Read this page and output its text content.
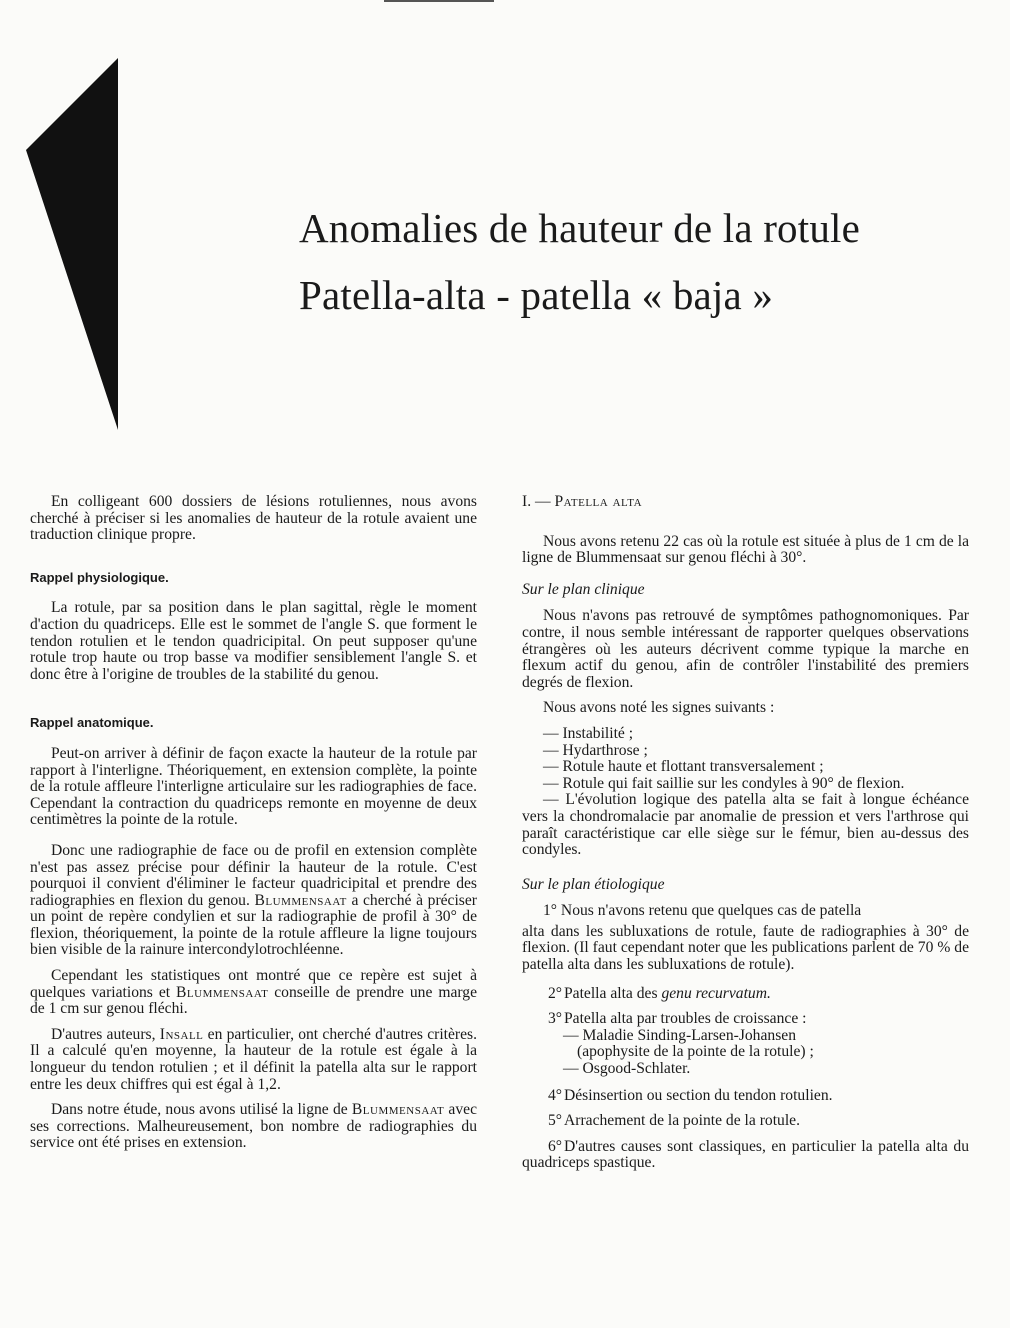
Anomalies de hauteur de la rotule
Patella-alta - patella « baja »

En colligeant 600 dossiers de lésions rotuliennes, nous avons cherché à préciser si les anomalies de hauteur de la rotule avaient une traduction clinique propre.

Rappel physiologique.

La rotule, par sa position dans le plan sagittal, règle le moment d'action du quadriceps. Elle est le sommet de l'angle S. que forment le tendon rotulien et le tendon quadricipital. On peut supposer qu'une rotule trop haute ou trop basse va modifier sensiblement l'angle S. et donc être à l'origine de troubles de la stabilité du genou.

Rappel anatomique.

Peut-on arriver à définir de façon exacte la hauteur de la rotule par rapport à l'interligne. Théoriquement, en extension complète, la pointe de la rotule affleure l'interligne articulaire sur les radiographies de face. Cependant la contraction du quadriceps remonte en moyenne de deux centimètres la pointe de la rotule.

Donc une radiographie de face ou de profil en extension complète n'est pas assez précise pour définir la hauteur de la rotule. C'est pourquoi il convient d'éliminer le facteur quadricipital et prendre des radiographies en flexion du genou. Blummensaat a cherché à préciser un point de repère condylien et sur la radiographie de profil à 30° de flexion, théoriquement, la pointe de la rotule affleure la ligne toujours bien visible de la rainure intercondylotrochléenne.

Cependant les statistiques ont montré que ce repère est sujet à quelques variations et Blummensaat conseille de prendre une marge de 1 cm sur genou fléchi.

D'autres auteurs, Insall en particulier, ont cherché d'autres critères. Il a calculé qu'en moyenne, la hauteur de la rotule est égale à la longueur du tendon rotulien ; et il définit la patella alta sur le rapport entre les deux chiffres qui est égal à 1,2.

Dans notre étude, nous avons utilisé la ligne de Blummensaat avec ses corrections. Malheureusement, bon nombre de radiographies du service ont été prises en extension.

I. — Patella alta

Nous avons retenu 22 cas où la rotule est située à plus de 1 cm de la ligne de Blummensaat sur genou fléchi à 30°.

Sur le plan clinique

Nous n'avons pas retrouvé de symptômes pathognomoniques. Par contre, il nous semble intéressant de rapporter quelques observations étrangères où les auteurs décrivent comme typique la marche en flexum actif du genou, afin de contrôler l'instabilité des premiers degrés de flexion.

Nous avons noté les signes suivants :

— Instabilité ;
— Hydarthrose ;
— Rotule haute et flottant transversalement ;
— Rotule qui fait saillie sur les condyles à 90° de flexion.

— L'évolution logique des patella alta se fait à longue échéance vers la chondromalacie par anomalie de pression et vers l'arthrose qui paraît caractéristique car elle siège sur le fémur, bien au-dessus des condyles.

Sur le plan étiologique

1° Nous n'avons retenu que quelques cas de patella

alta dans les subluxations de rotule, faute de radiographies à 30° de flexion. (Il faut cependant noter que les publications parlent de 70 % de patella alta dans les subluxations de rotule).

2° Patella alta des genu recurvatum.
3° Patella alta par troubles de croissance :
— Maladie Sinding-Larsen-Johansen
(apophysite de la pointe de la rotule) ;
— Osgood-Schlater.
4° Désinsertion ou section du tendon rotulien.
5° Arrachement de la pointe de la rotule.
6° D'autres causes sont classiques, en particulier la patella alta du quadriceps spastique.
